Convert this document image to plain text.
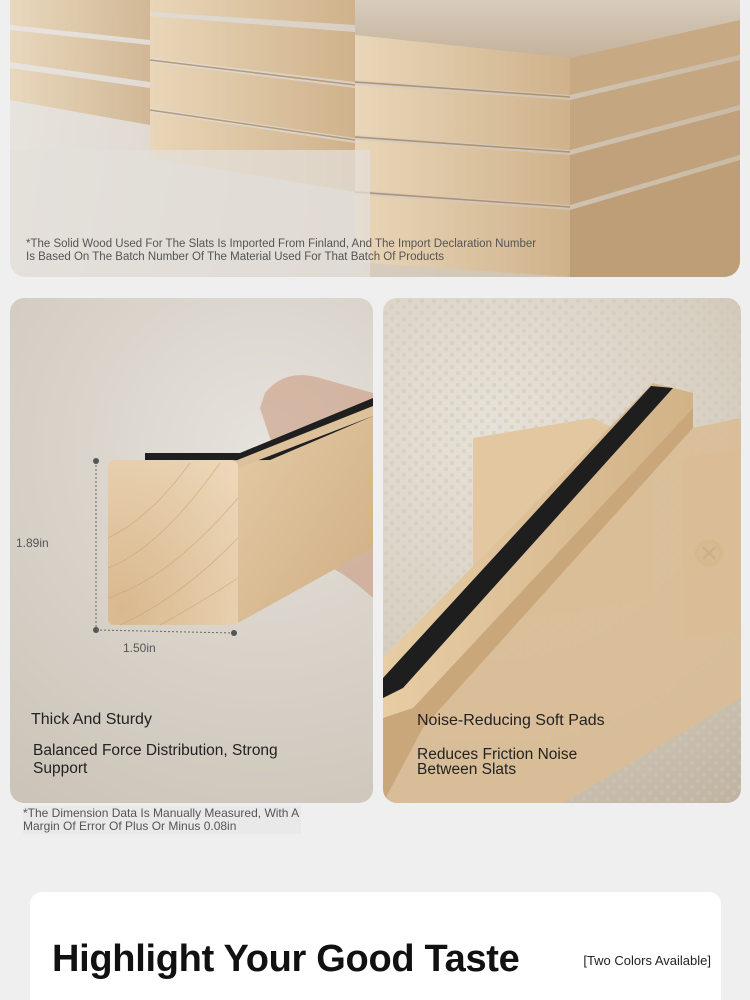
*The Solid Wood Used For The Slats Is Imported From Finland, And The Import Declaration Number Is Based On The Batch Number Of The Material Used For That Batch Of Products
1.89in
1.50in
Thick And Sturdy
Balanced Force Distribution, Strong Support
*The Dimension Data Is Manually Measured, With A Margin Of Error Of Plus Or Minus 0.08in
Noise-Reducing Soft Pads
Reduces Friction Noise Between Slats
Highlight Your Good Taste	[Two Colors Available]
